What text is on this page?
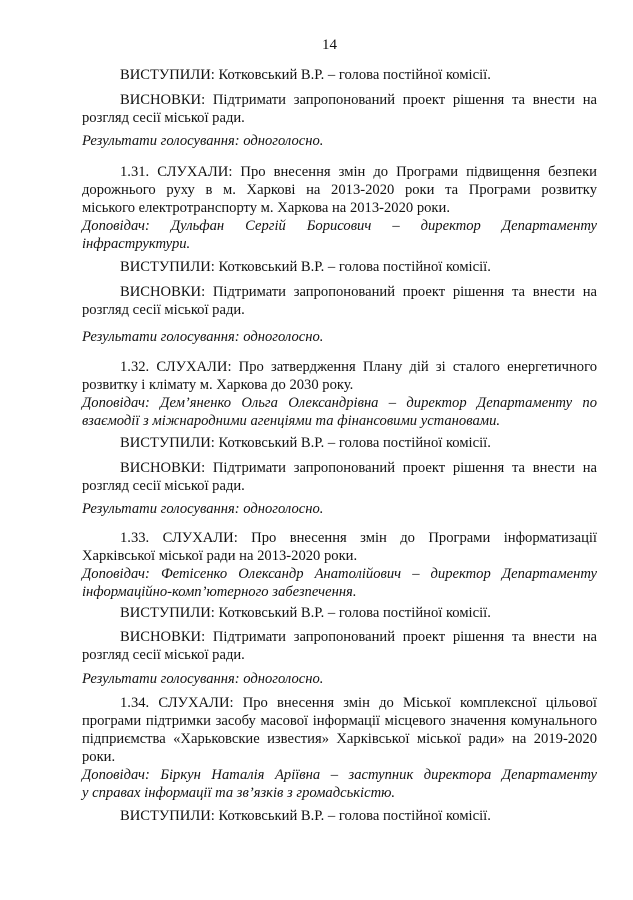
14
ВИСТУПИЛИ: Котковський В.Р. – голова постійної комісії.
ВИСНОВКИ: Підтримати запропонований проект рішення та внести на
розгляд сесії міської ради.
Результати голосування: одноголосно.
1.31. СЛУХАЛИ: Про внесення змін до Програми підвищення безпеки
дорожнього руху в м. Харкові на 2013-2020 роки та Програми розвитку
міського електротранспорту м. Харкова на 2013-2020 роки.
Доповідач: Дульфан Сергій Борисович – директор Департаменту
інфраструктури.
ВИСТУПИЛИ: Котковський В.Р. – голова постійної комісії.
ВИСНОВКИ: Підтримати запропонований проект рішення та внести на
розгляд сесії міської ради.
Результати голосування: одноголосно.
1.32. СЛУХАЛИ: Про затвердження Плану дій зі сталого енергетичного
розвитку і клімату м. Харкова до 2030 року.
Доповідач: Дем’яненко Ольга Олександрівна – директор Департаменту по
взаємодії з міжнародними агенціями та фінансовими установами.
ВИСТУПИЛИ: Котковський В.Р. – голова постійної комісії.
ВИСНОВКИ: Підтримати запропонований проект рішення та внести на
розгляд сесії міської ради.
Результати голосування: одноголосно.
1.33. СЛУХАЛИ: Про внесення змін до Програми інформатизації
Харківської міської ради на 2013-2020 роки.
Доповідач: Фетісенко Олександр Анатолійович – директор Департаменту
інформаційно-комп’ютерного забезпечення.
ВИСТУПИЛИ: Котковський В.Р. – голова постійної комісії.
ВИСНОВКИ: Підтримати запропонований проект рішення та внести на
розгляд сесії міської ради.
Результати голосування: одноголосно.
1.34. СЛУХАЛИ: Про внесення змін до Міської комплексної цільової
програми підтримки засобу масової інформації місцевого значення комунального
підприємства «Харьковские известия» Харківської міської ради» на 2019-2020
роки.
Доповідач: Біркун Наталія Аріївна – заступник директора Департаменту
у справах інформації та зв’язків з громадськістю.
ВИСТУПИЛИ: Котковський В.Р. – голова постійної комісії.
